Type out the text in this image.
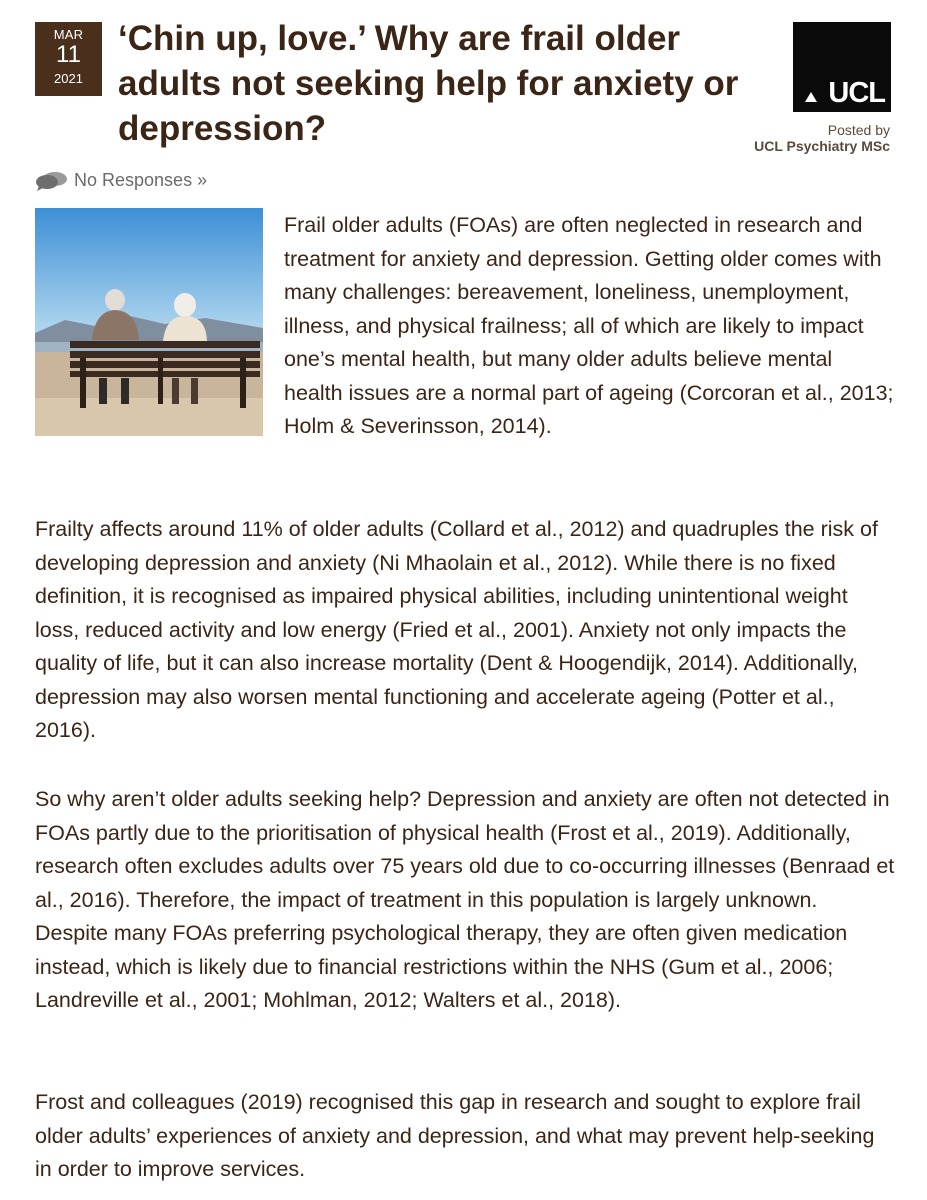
MAR
11
2021
‘Chin up, love.’ Why are frail older adults not seeking help for anxiety or depression?
UCL
Posted by
UCL Psychiatry MSc
No Responses »

Frail older adults (FOAs) are often neglected in research and treatment for anxiety and depression. Getting older comes with many challenges: bereavement, loneliness, unemployment, illness, and physical frailness; all of which are likely to impact one’s mental health, but many older adults believe mental health issues are a normal part of ageing (Corcoran et al., 2013; Holm & Severinsson, 2014).

Frailty affects around 11% of older adults (Collard et al., 2012) and quadruples the risk of developing depression and anxiety (Ni Mhaolain et al., 2012). While there is no fixed definition, it is recognised as impaired physical abilities, including unintentional weight loss, reduced activity and low energy (Fried et al., 2001). Anxiety not only impacts the quality of life, but it can also increase mortality (Dent & Hoogendijk, 2014). Additionally, depression may also worsen mental functioning and accelerate ageing (Potter et al., 2016).

So why aren’t older adults seeking help? Depression and anxiety are often not detected in FOAs partly due to the prioritisation of physical health (Frost et al., 2019). Additionally, research often excludes adults over 75 years old due to co-occurring illnesses (Benraad et al., 2016). Therefore, the impact of treatment in this population is largely unknown. Despite many FOAs preferring psychological therapy, they are often given medication instead, which is likely due to financial restrictions within the NHS (Gum et al., 2006; Landreville et al., 2001; Mohlman, 2012; Walters et al., 2018).

Frost and colleagues (2019) recognised this gap in research and sought to explore frail older adults’ experiences of anxiety and depression, and what may prevent help-seeking in order to improve services.
